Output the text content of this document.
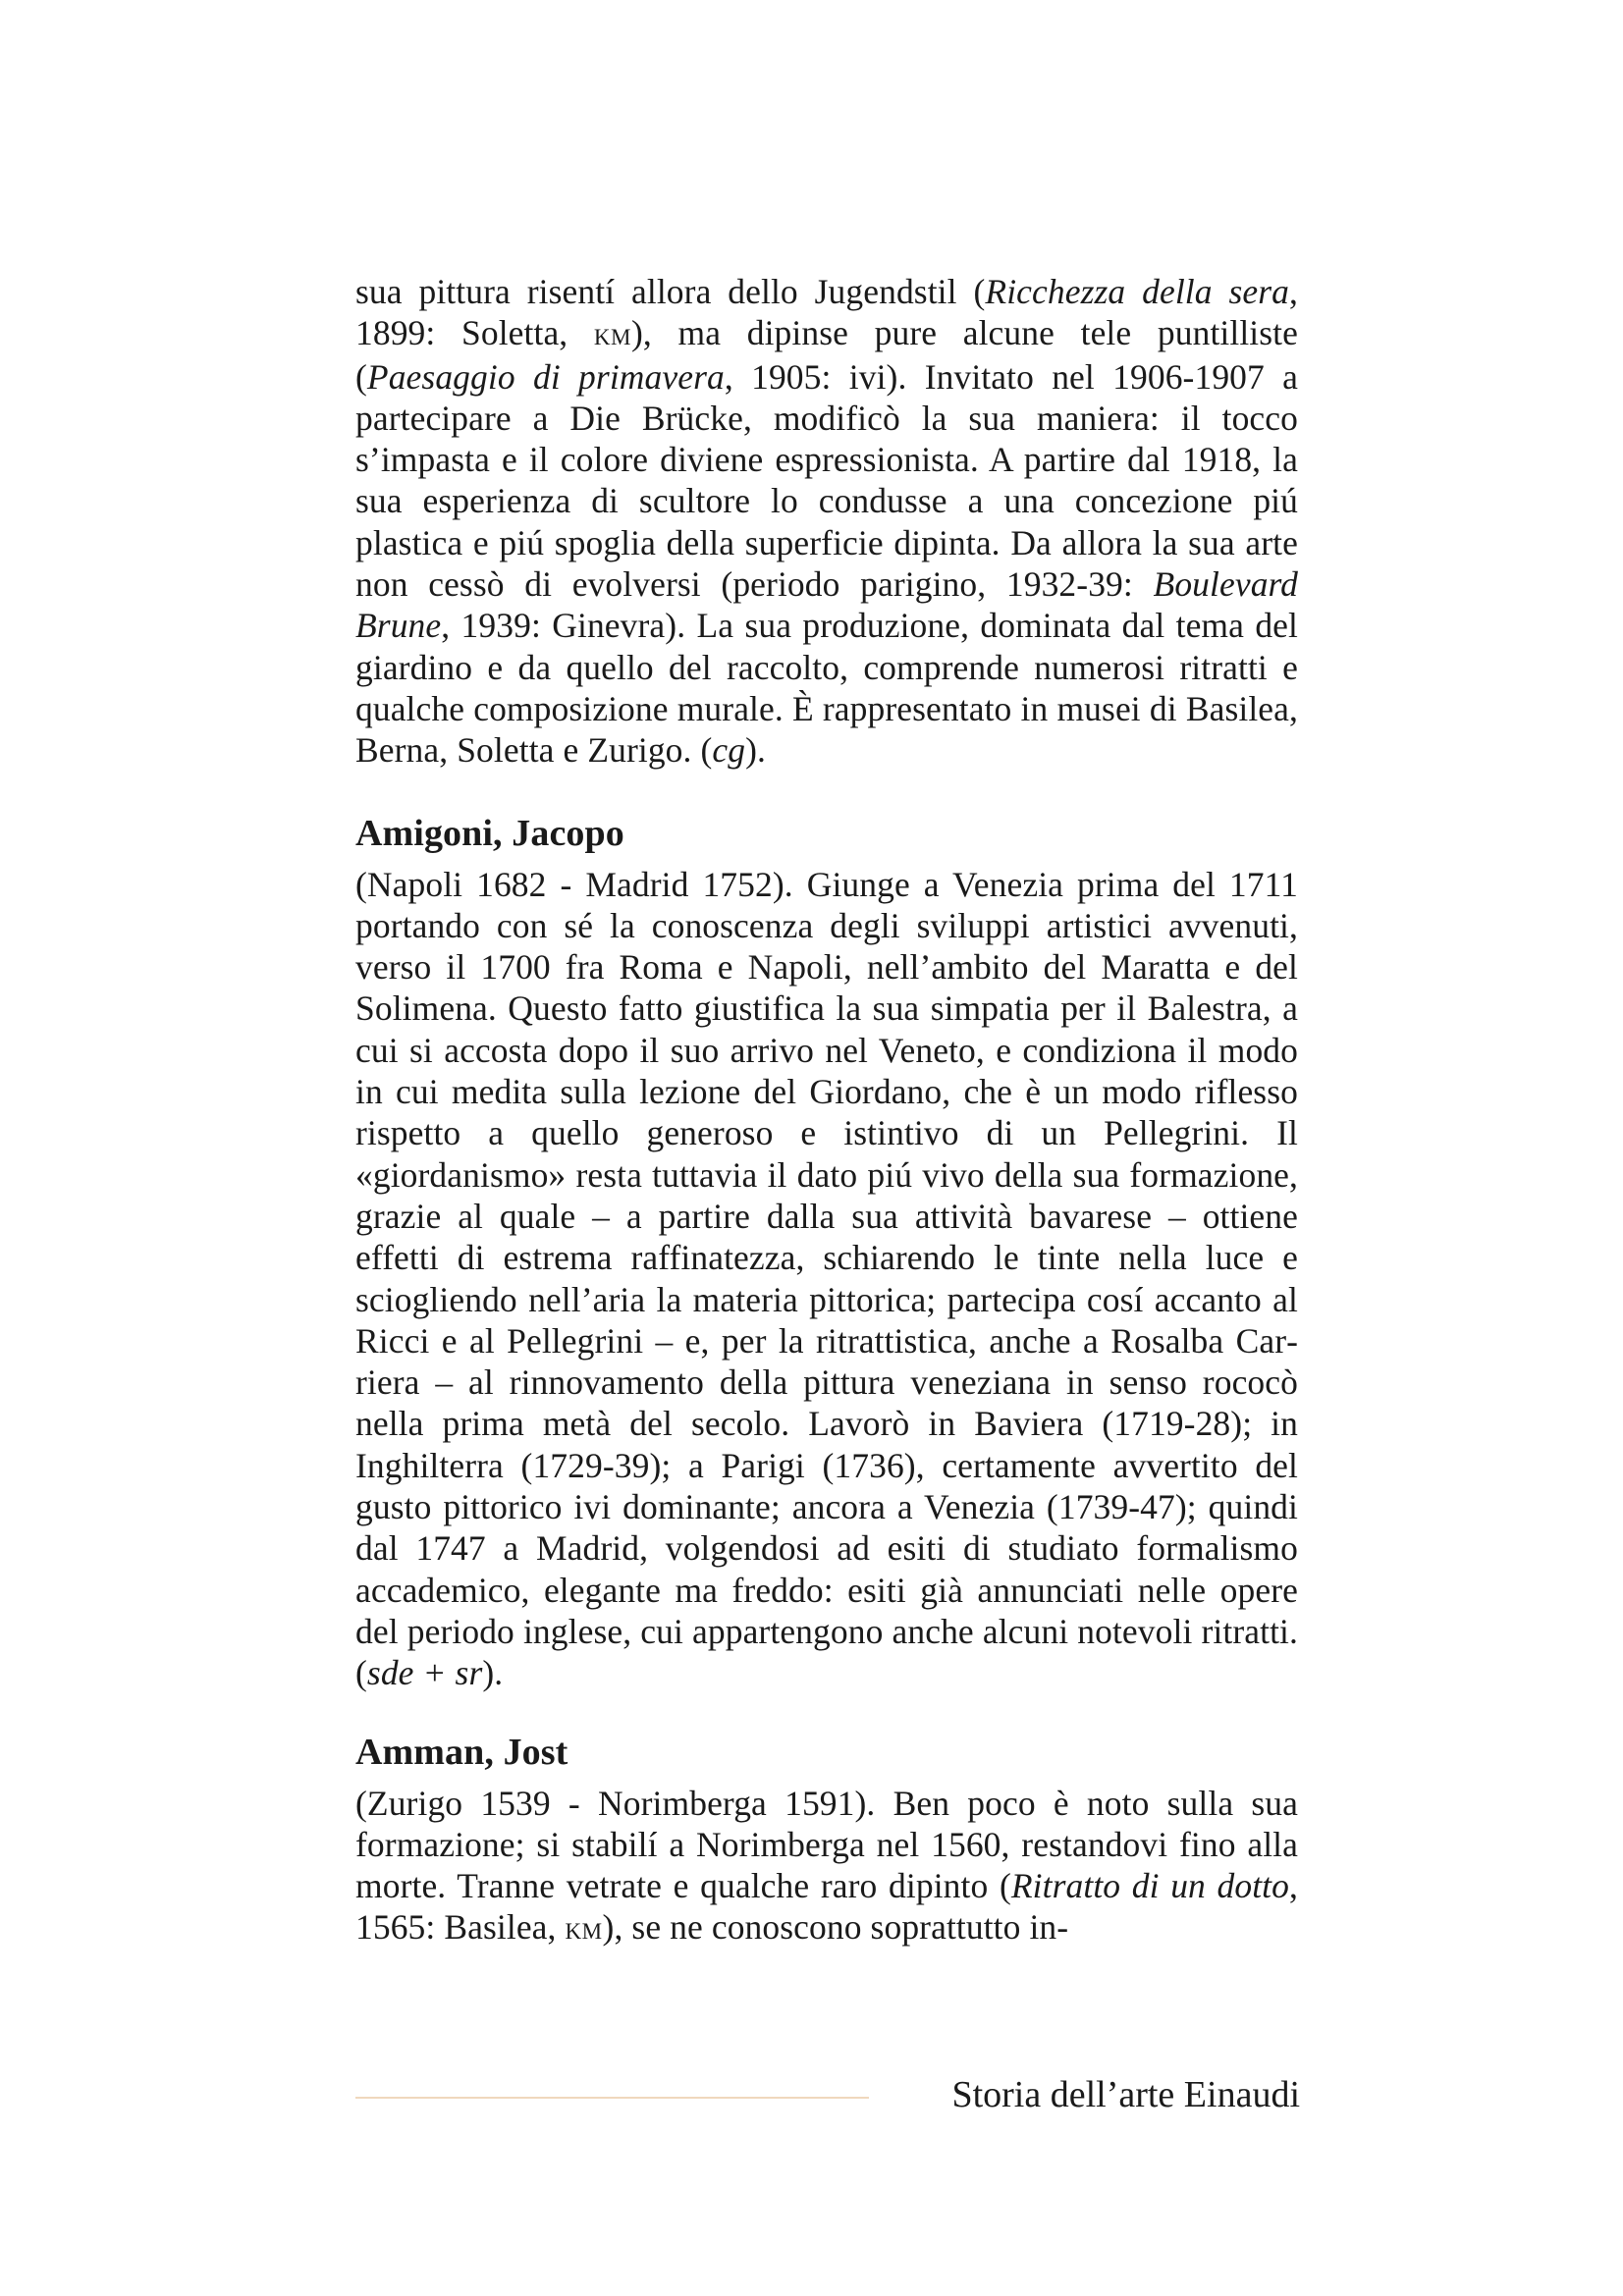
sua pittura risentí allora dello Jugendstil (Ricchezza della sera, 1899: Soletta, km), ma dipinse pure alcune tele puntilliste (Paesaggio di primavera, 1905: ivi). Invitato nel 1906-1907 a partecipare a Die Brücke, modificò la sua maniera: il tocco s’impasta e il colore diviene espressionista. A partire dal 1918, la sua esperienza di scultore lo condusse a una concezione piú plastica e piú spoglia della superficie dipinta. Da allora la sua arte non cessò di evolversi (periodo parigino, 1932-39: Boulevard Brune, 1939: Ginevra). La sua produzione, dominata dal tema del giardino e da quello del raccolto, comprende numerosi ritratti e qualche composizione murale. È rappresentato in musei di Basilea, Berna, Soletta e Zurigo. (cg).

Amigoni, Jacopo

(Napoli 1682 - Madrid 1752). Giunge a Venezia prima del 1711 portando con sé la conoscenza degli sviluppi artistici avvenuti, verso il 1700 fra Roma e Napoli, nell’ambito del Maratta e del Solimena. Questo fatto giustifica la sua simpatia per il Balestra, a cui si accosta dopo il suo arrivo nel Veneto, e condiziona il modo in cui medita sulla lezione del Giordano, che è un modo riflesso rispetto a quello generoso e istintivo di un Pellegrini. Il «giordanismo» resta tuttavia il dato piú vivo della sua formazione, grazie al quale – a partire dalla sua attività bavarese – ottiene effetti di estrema raffinatezza, schiarendo le tinte nella luce e sciogliendo nell’aria la materia pittorica; partecipa cosí accanto al Ricci e al Pellegrini – e, per la ritrattistica, anche a Rosalba Carriera – al rinnovamento della pittura veneziana in senso rococò nella prima metà del secolo. Lavorò in Baviera (1719-28); in Inghilterra (1729-39); a Parigi (1736), certamente avvertito del gusto pittorico ivi dominante; ancora a Venezia (1739-47); quindi dal 1747 a Madrid, volgendosi ad esiti di studiato formalismo accademico, elegante ma freddo: esiti già annunciati nelle opere del periodo inglese, cui appartengono anche alcuni notevoli ritratti. (sde + sr).

Amman, Jost

(Zurigo 1539 - Norimberga 1591). Ben poco è noto sulla sua formazione; si stabilí a Norimberga nel 1560, restandovi fino alla morte. Tranne vetrate e qualche raro dipinto (Ritratto di un dotto, 1565: Basilea, km), se ne conoscono soprattutto in-

Storia dell’arte Einaudi
